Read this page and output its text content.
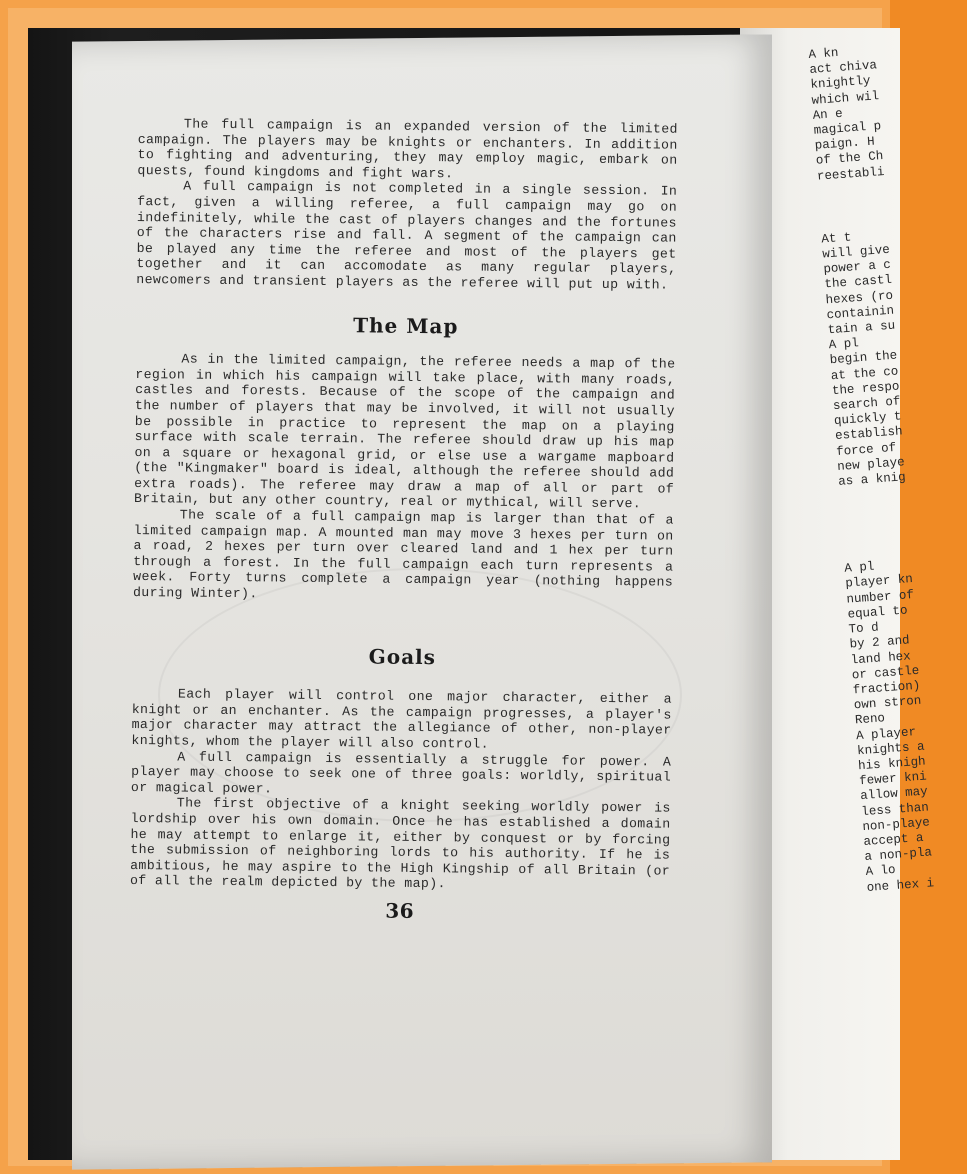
The full campaign is an expanded version of the limited campaign. The players may be knights or enchanters. In addition to fighting and adventuring, they may employ magic, embark on quests, found kingdoms and fight wars.

A full campaign is not completed in a single session. In fact, given a willing referee, a full campaign may go on indefinitely, while the cast of players changes and the fortunes of the characters rise and fall. A segment of the campaign can be played any time the referee and most of the players get together and it can accomodate as many regular players, newcomers and transient players as the referee will put up with.

The Map

As in the limited campaign, the referee needs a map of the region in which his campaign will take place, with many roads, castles and forests. Because of the scope of the campaign and the number of players that may be involved, it will not usually be possible in practice to represent the map on a playing surface with scale terrain. The referee should draw up his map on a square or hexagonal grid, or else use a wargame mapboard (the "Kingmaker" board is ideal, although the referee should add extra roads). The referee may draw a map of all or part of Britain, but any other country, real or mythical, will serve.

The scale of a full campaign map is larger than that of a limited campaign map. A mounted man may move 3 hexes per turn on a road, 2 hexes per turn over cleared land and 1 hex per turn through a forest. In the full campaign each turn represents a week. Forty turns complete a campaign year (nothing happens during Winter).

Goals

Each player will control one major character, either a knight or an enchanter. As the campaign progresses, a player's major character may attract the allegiance of other, non-player knights, whom the player will also control.

A full campaign is essentially a struggle for power. A player may choose to seek one of three goals: worldly, spiritual or magical power.

The first objective of a knight seeking worldly power is lordship over his own domain. Once he has established a domain he may attempt to enlarge it, either by conquest or by forcing the submission of neighboring lords to his authority. If he is ambitious, he may aspire to the High Kingship of all Britain (or of all the realm depicted by the map).

36
A kn
act chiva
knightly
which wil
An e
magical p
paign. H
of the Ch
reestabli
At t
will give
power a c
the castl
hexes (ro
containin
tain a su
A pl
begin the
at the co
the respo
search of
quickly t
establish
force of
new playe
as a knig
A pl
player kn
number of
equal to
To d
by 2 and
land hex
or castle
fraction)
own stron
Reno
A player
knights a
his knigh
fewer kni
allow may
less than
non-playe
accept a
a non-pla
A lo
one hex i
